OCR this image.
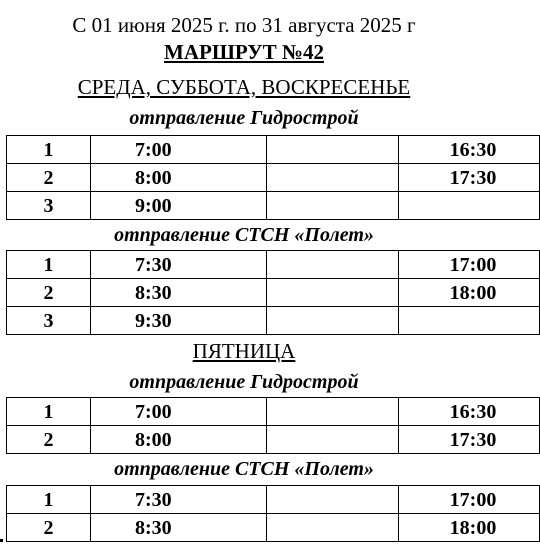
С 01 июня 2025 г. по 31 августа 2025 г
МАРШРУТ №42
СРЕДА, СУББОТА, ВОСКРЕСЕНЬЕ
отправление Гидрострой
1	7:00		16:30
2	8:00		17:30
3	9:00		
отправление СТСН «Полет»
1	7:30		17:00
2	8:30		18:00
3	9:30		
ПЯТНИЦА
отправление Гидрострой
1	7:00		16:30
2	8:00		17:30
отправление СТСН «Полет»
1	7:30		17:00
2	8:30		18:00
